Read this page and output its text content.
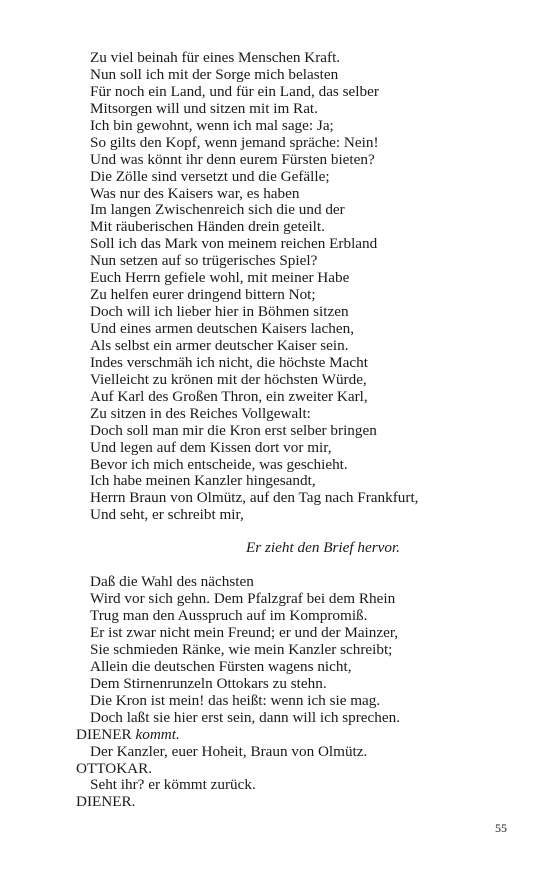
Zu viel beinah für eines Menschen Kraft.
Nun soll ich mit der Sorge mich belasten
Für noch ein Land, und für ein Land, das selber
Mitsorgen will und sitzen mit im Rat.
Ich bin gewohnt, wenn ich mal sage: Ja;
So gilts den Kopf, wenn jemand spräche: Nein!
Und was könnt ihr denn eurem Fürsten bieten?
Die Zölle sind versetzt und die Gefälle;
Was nur des Kaisers war, es haben
Im langen Zwischenreich sich die und der
Mit räuberischen Händen drein geteilt.
Soll ich das Mark von meinem reichen Erbland
Nun setzen auf so trügerisches Spiel?
Euch Herrn gefiele wohl, mit meiner Habe
Zu helfen eurer dringend bittern Not;
Doch will ich lieber hier in Böhmen sitzen
Und eines armen deutschen Kaisers lachen,
Als selbst ein armer deutscher Kaiser sein.
Indes verschmäh ich nicht, die höchste Macht
Vielleicht zu krönen mit der höchsten Würde,
Auf Karl des Großen Thron, ein zweiter Karl,
Zu sitzen in des Reiches Vollgewalt:
Doch soll man mir die Kron erst selber bringen
Und legen auf dem Kissen dort vor mir,
Bevor ich mich entscheide, was geschieht.
Ich habe meinen Kanzler hingesandt,
Herrn Braun von Olmütz, auf den Tag nach Frankfurt,
Und seht, er schreibt mir,
Er zieht den Brief hervor.
Daß die Wahl des nächsten
Wird vor sich gehn. Dem Pfalzgraf bei dem Rhein
Trug man den Ausspruch auf im Kompromiß.
Er ist zwar nicht mein Freund; er und der Mainzer,
Sie schmieden Ränke, wie mein Kanzler schreibt;
Allein die deutschen Fürsten wagens nicht,
Dem Stirnenrunzeln Ottokars zu stehn.
Die Kron ist mein! das heißt: wenn ich sie mag.
Doch laßt sie hier erst sein, dann will ich sprechen.
DIENER kommt.
Der Kanzler, euer Hoheit, Braun von Olmütz.
OTTOKAR.
Seht ihr? er kömmt zurück.
DIENER.
55
